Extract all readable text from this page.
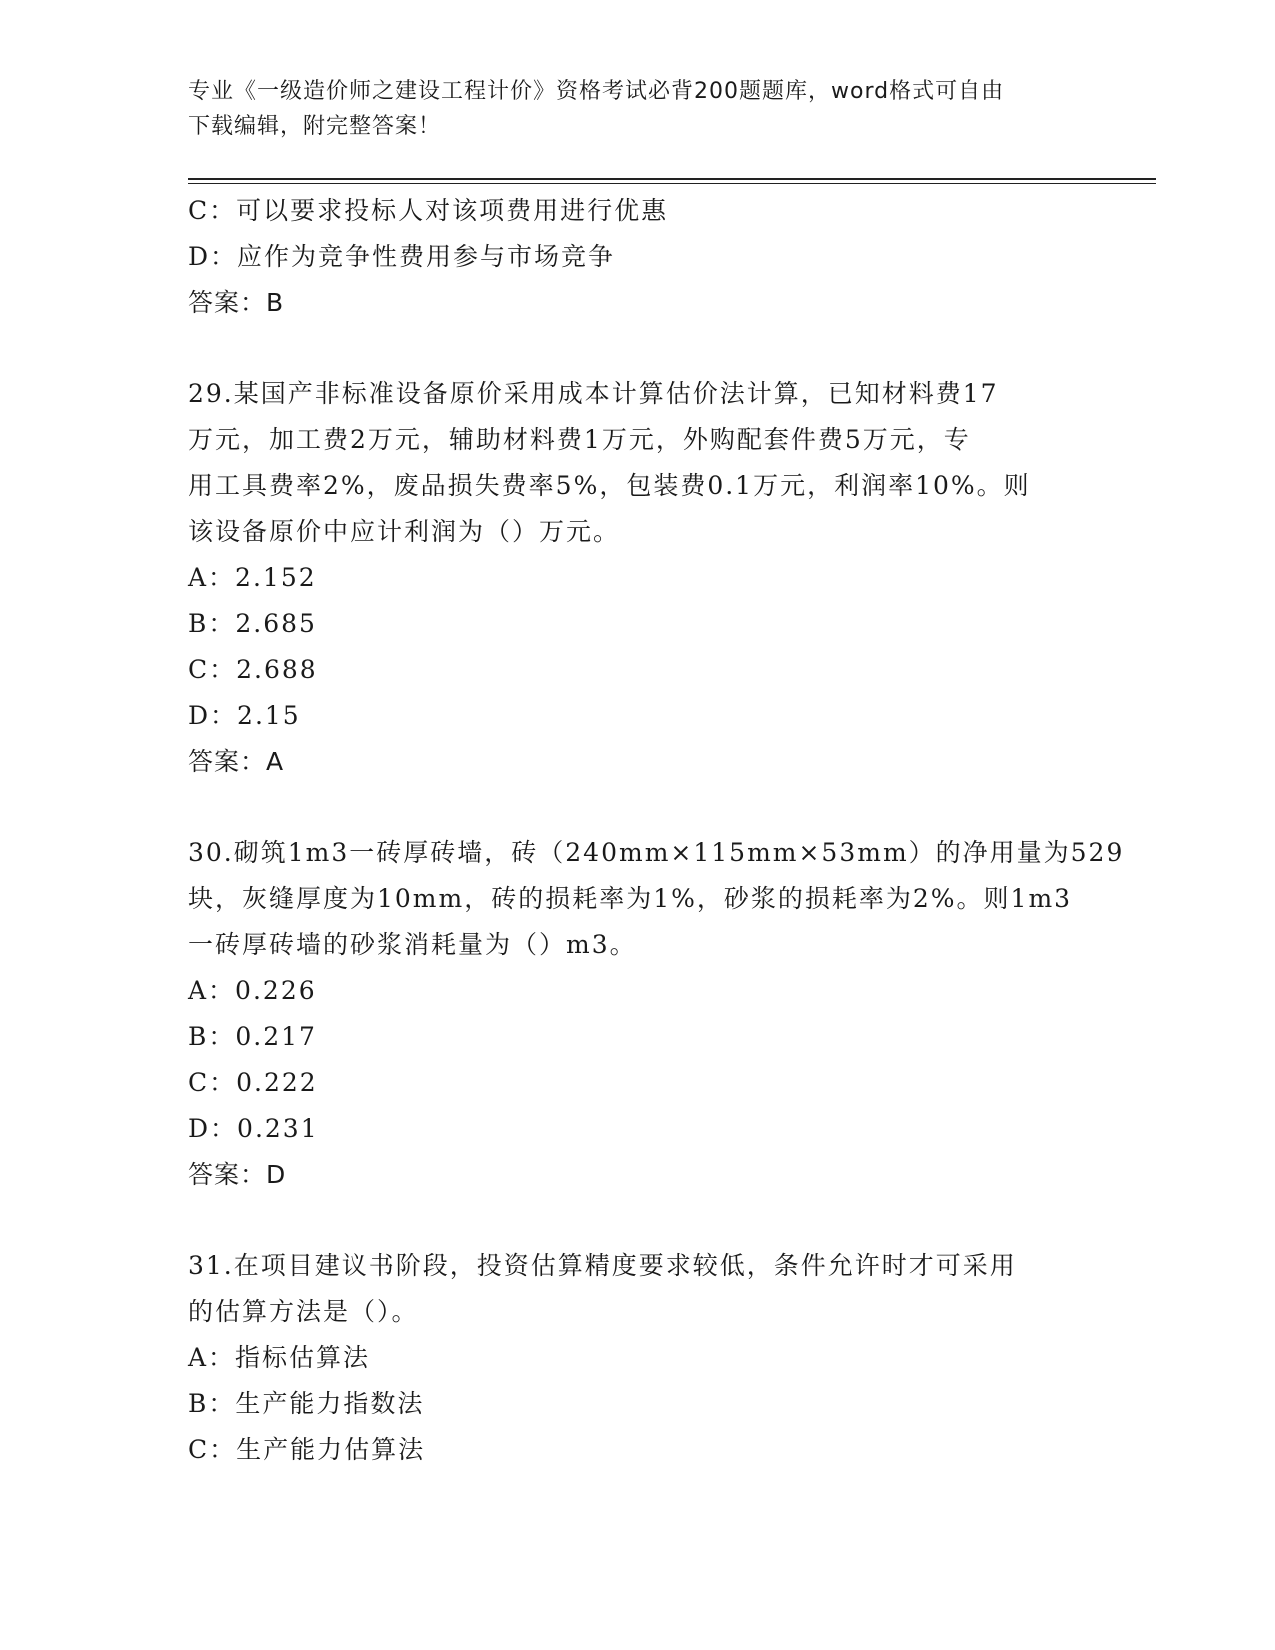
专业《一级造价师之建设工程计价》资格考试必背200题题库，word格式可自由
下载编辑，附完整答案！
C：可以要求投标人对该项费用进行优惠
D：应作为竞争性费用参与市场竞争
答案：B
29.某国产非标准设备原价采用成本计算估价法计算，已知材料费17
万元，加工费2万元，辅助材料费1万元，外购配套件费5万元，专
用工具费率2%，废品损失费率5%，包装费0.1万元，利润率10%。则
该设备原价中应计利润为（）万元。
A：2.152
B：2.685
C：2.688
D：2.15
答案：A
30.砌筑1m3一砖厚砖墙，砖（240mm×115mm×53mm）的净用量为529
块，灰缝厚度为10mm，砖的损耗率为1%，砂浆的损耗率为2%。则1m3
一砖厚砖墙的砂浆消耗量为（）m3。
A：0.226
B：0.217
C：0.222
D：0.231
答案：D
31.在项目建议书阶段，投资估算精度要求较低，条件允许时才可采用
的估算方法是（）。
A：指标估算法
B：生产能力指数法
C：生产能力估算法
